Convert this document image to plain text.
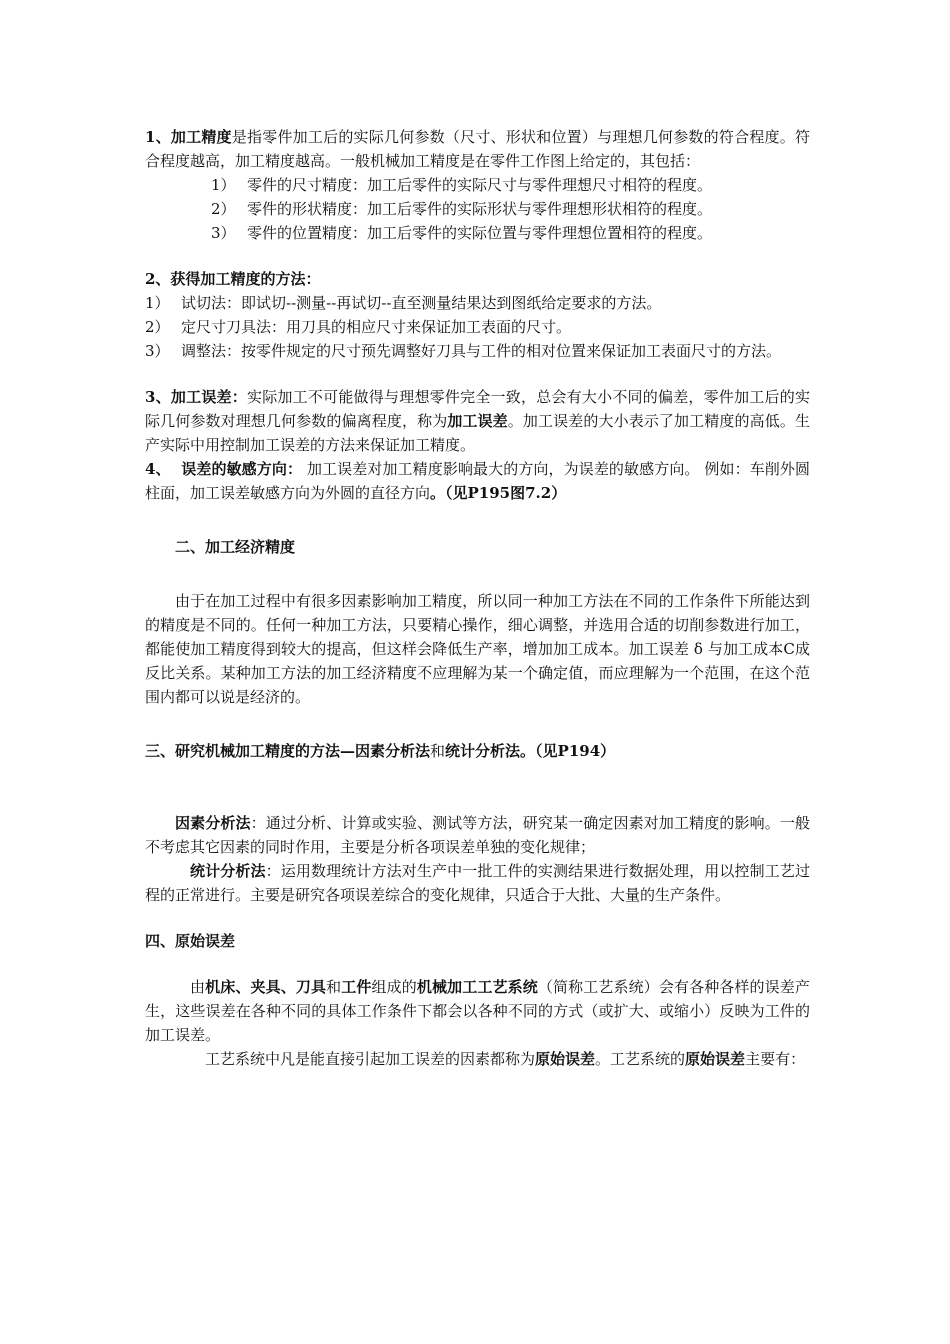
1、加工精度是指零件加工后的实际几何参数（尺寸、形状和位置）与理想几何参数的符合程度。符合程度越高，加工精度越高。一般机械加工精度是在零件工作图上给定的，其包括：

1） 零件的尺寸精度：加工后零件的实际尺寸与零件理想尺寸相符的程度。
2） 零件的形状精度：加工后零件的实际形状与零件理想形状相符的程度。
3） 零件的位置精度：加工后零件的实际位置与零件理想位置相符的程度。

2、获得加工精度的方法：

1） 试切法：即试切--测量--再试切--直至测量结果达到图纸给定要求的方法。
2） 定尺寸刀具法：用刀具的相应尺寸来保证加工表面的尺寸。

3） 调整法：按零件规定的尺寸预先调整好刀具与工件的相对位置来保证加工表面尺寸的方法。

3、加工误差：实际加工不可能做得与理想零件完全一致，总会有大小不同的偏差，零件加工后的实际几何参数对理想几何参数的偏离程度，称为加工误差。加工误差的大小表示了加工精度的高低。生产实际中用控制加工误差的方法来保证加工精度。

4、  误差的敏感方向： 加工误差对加工精度影响最大的方向，为误差的敏感方向。 例如：车削外圆柱面，加工误差敏感方向为外圆的直径方向。（见P195图7.2）

二、加工经济精度

由于在加工过程中有很多因素影响加工精度，所以同一种加工方法在不同的工作条件下所能达到的精度是不同的。任何一种加工方法，只要精心操作，细心调整，并选用合适的切削参数进行加工，都能使加工精度得到较大的提高，但这样会降低生产率，增加加工成本。加工误差 δ 与加工成本C成反比关系。某种加工方法的加工经济精度不应理解为某一个确定值，而应理解为一个范围，在这个范围内都可以说是经济的。

三、研究机械加工精度的方法—因素分析法和统计分析法。（见P194）

因素分析法：通过分析、计算或实验、测试等方法，研究某一确定因素对加工精度的影响。一般不考虑其它因素的同时作用，主要是分析各项误差单独的变化规律；

统计分析法：运用数理统计方法对生产中一批工件的实测结果进行数据处理，用以控制工艺过程的正常进行。主要是研究各项误差综合的变化规律，只适合于大批、大量的生产条件。

四、原始误差

由机床、夹具、刀具和工件组成的机械加工工艺系统（简称工艺系统）会有各种各样的误差产生，这些误差在各种不同的具体工作条件下都会以各种不同的方式（或扩大、或缩小）反映为工件的加工误差。

工艺系统中凡是能直接引起加工误差的因素都称为原始误差。工艺系统的原始误差主要有：
